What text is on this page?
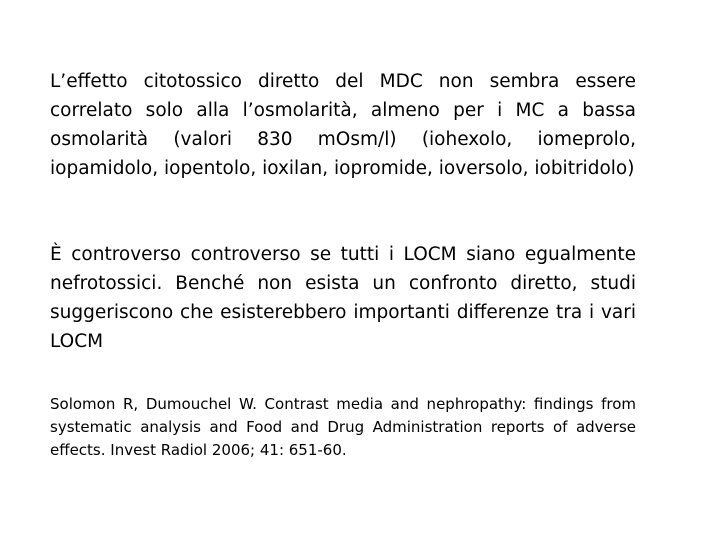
L’effetto citotossico diretto del MDC non sembra essere correlato solo alla l’osmolarità, almeno per i MC a bassa osmolarità (valori 830 mOsm/l) (iohexolo, iomeprolo, iopamidolo, iopentolo, ioxilan, iopromide, ioversolo, iobitridolo)

È controverso controverso se tutti i LOCM siano egualmente nefrotossici. Benché non esista un confronto diretto, studi suggeriscono che esisterebbero importanti differenze tra i vari LOCM

Solomon R, Dumouchel W. Contrast media and nephropathy: findings from systematic analysis and Food and Drug Administration reports of adverse effects. Invest Radiol 2006; 41: 651-60.
